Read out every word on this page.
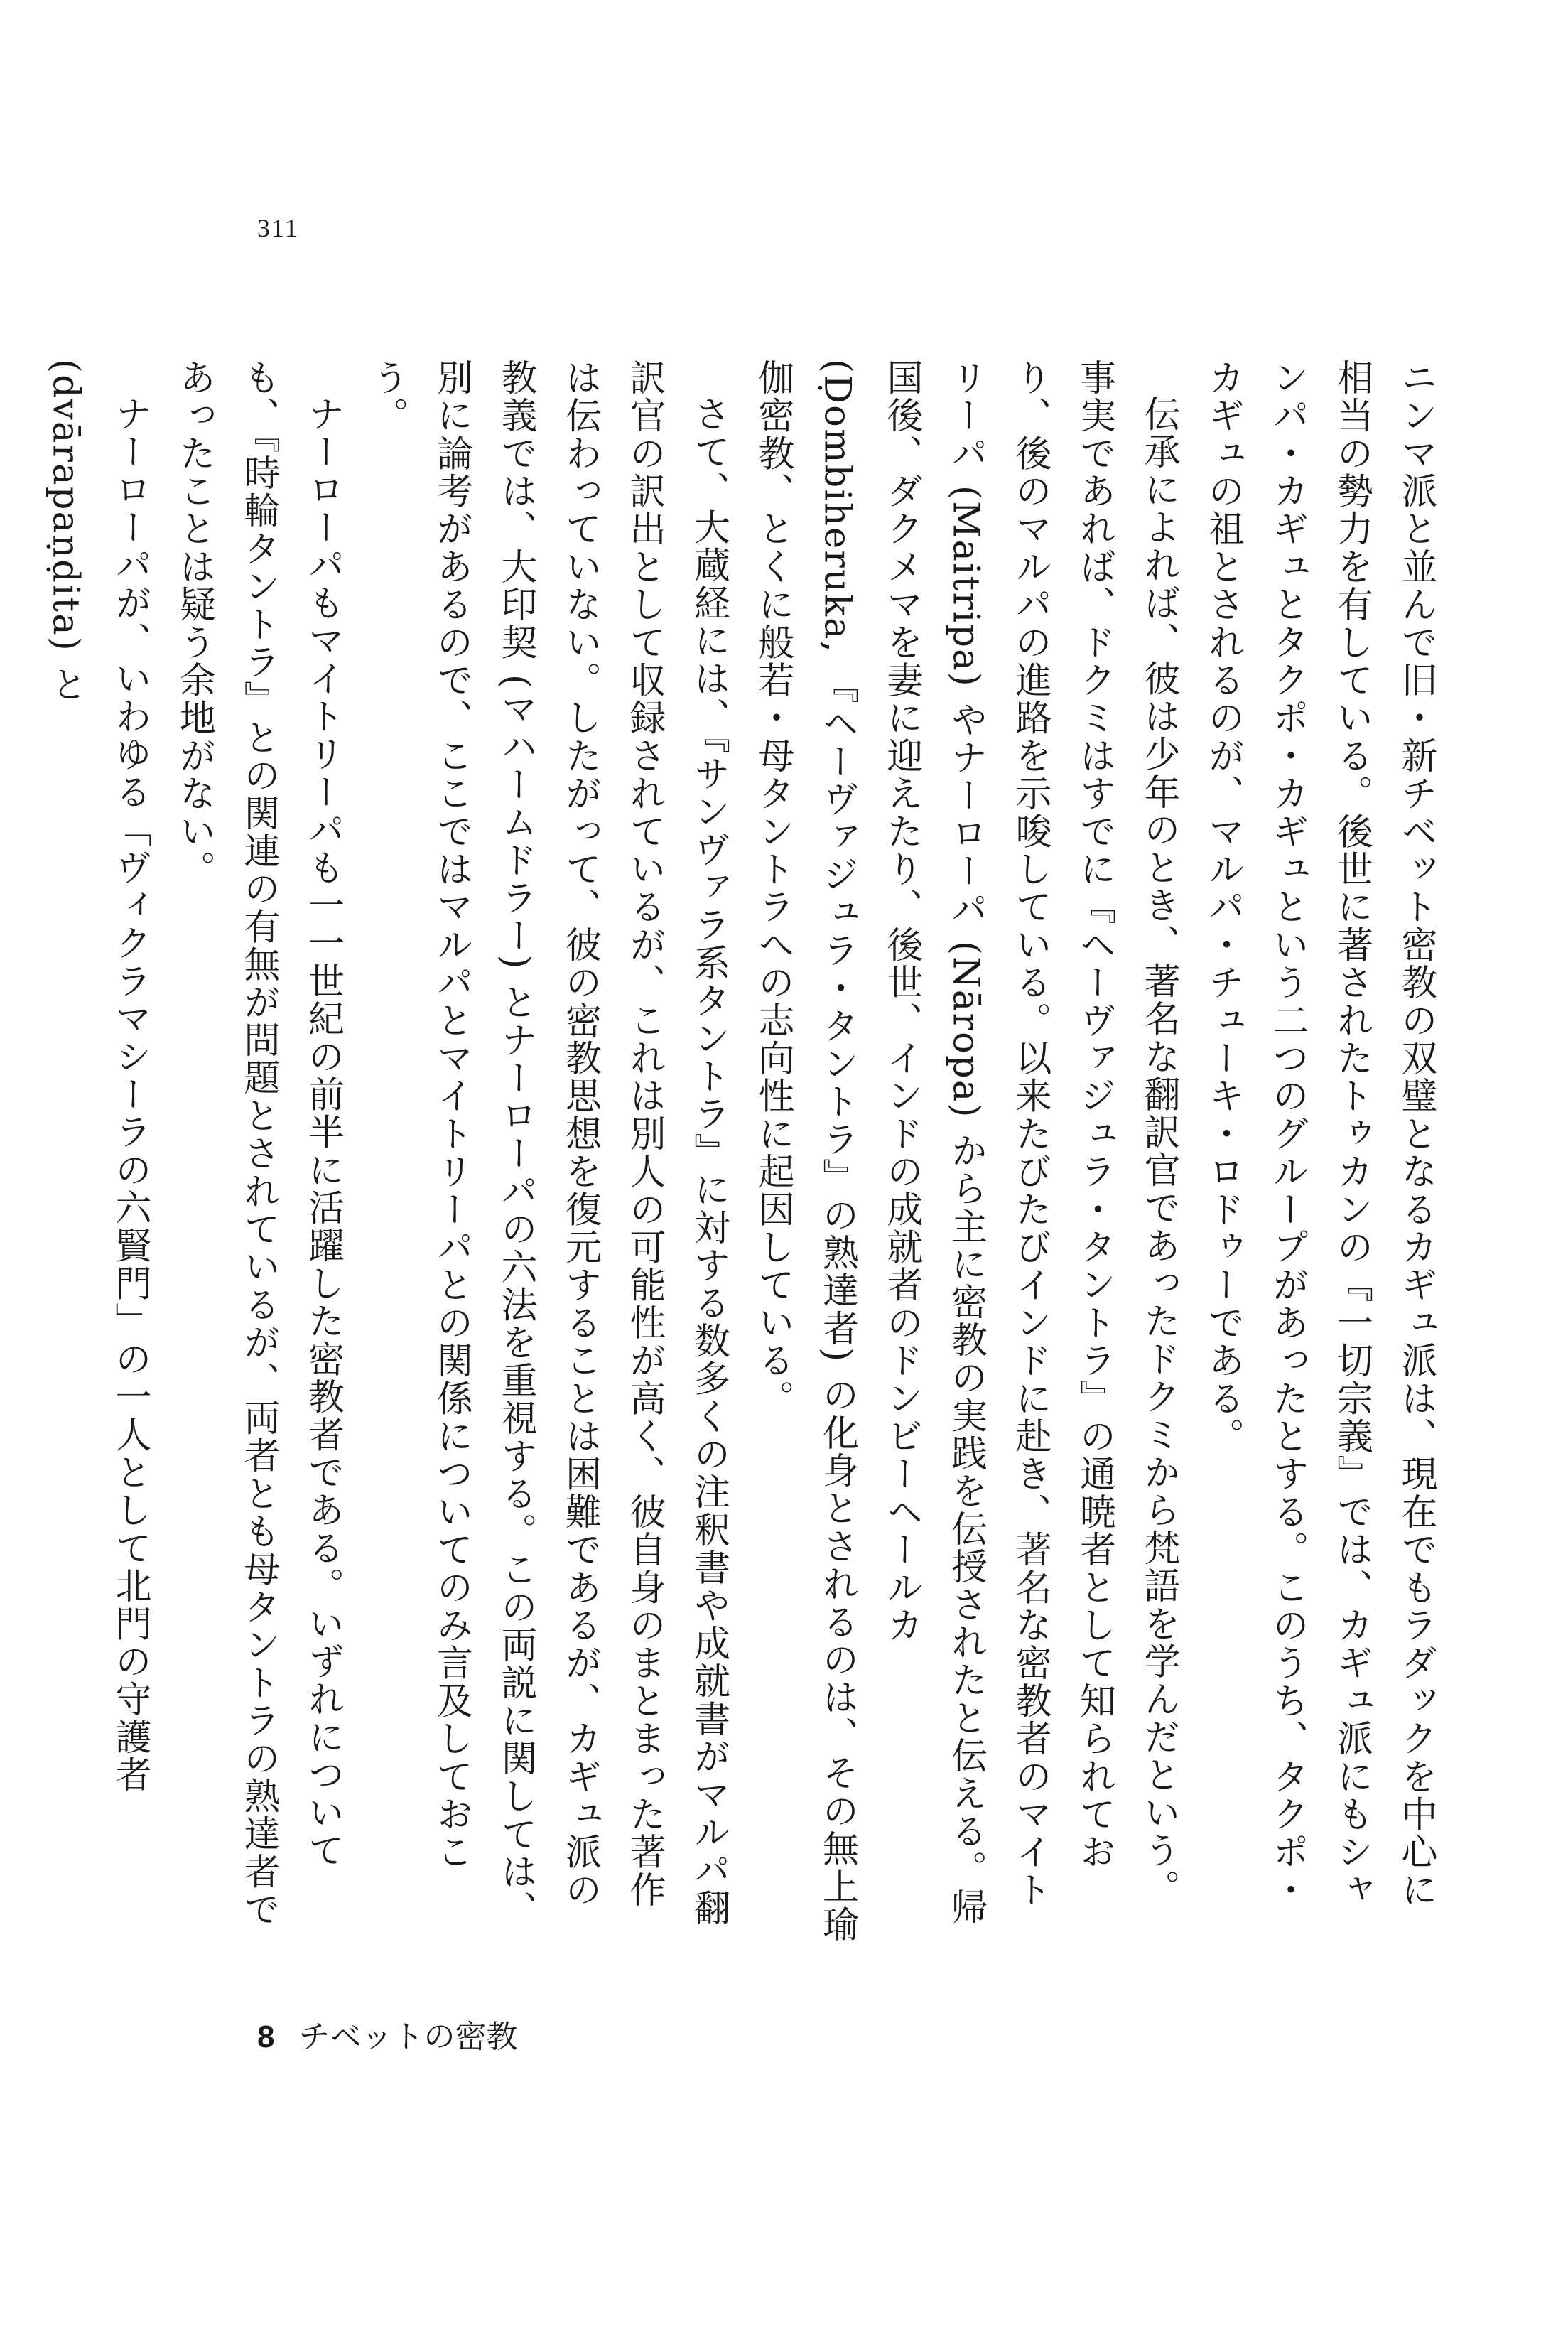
311

ニンマ派と並んで旧・新チベット密教の双璧となるカギュ派は、現在でもラダックを中心に相当の勢力を有している。後世に著されたトゥカンの『一切宗義』では、カギュ派にもシャンパ・カギュとタクポ・カギュという二つのグループがあったとする。このうち、タクポ・カギュの祖とされるのが、マルパ・チューキ・ロドゥーである。

伝承によれば、彼は少年のとき、著名な翻訳官であったドクミから梵語を学んだという。事実であれば、ドクミはすでに『ヘーヴァジュラ・タントラ』の通暁者として知られており、後のマルパの進路を示唆している。以来たびたびインドに赴き、著名な密教者のマイトリーパ (Maitripa) やナーローパ (Nāropa) から主に密教の実践を伝授されたと伝える。帰国後、ダクメマを妻に迎えたり、後世、インドの成就者のドンビーヘールカ (Ḍombiheruka, 『ヘーヴァジュラ・タントラ』の熟達者) の化身とされるのは、その無上瑜伽密教、とくに般若・母タントラへの志向性に起因している。

さて、大蔵経には、『サンヴァラ系タントラ』に対する数多くの注釈書や成就書がマルパ翻訳官の訳出として収録されているが、これは別人の可能性が高く、彼自身のまとまった著作は伝わっていない。したがって、彼の密教思想を復元することは困難であるが、カギュ派の教義では、大印契 (マハームドラー) とナーローパの六法を重視する。この両説に関しては、別に論考があるので、ここではマルパとマイトリーパとの関係についてのみ言及しておこう。

ナーローパもマイトリーパも一一世紀の前半に活躍した密教者である。いずれについても、『時輪タントラ』との関連の有無が問題とされているが、両者とも母タントラの熟達者であったことは疑う余地がない。

ナーローパが、いわゆる「ヴィクラマシーラの六賢門」の一人として北門の守護者 (dvārapaṇḍita) と

8 チベットの密教
